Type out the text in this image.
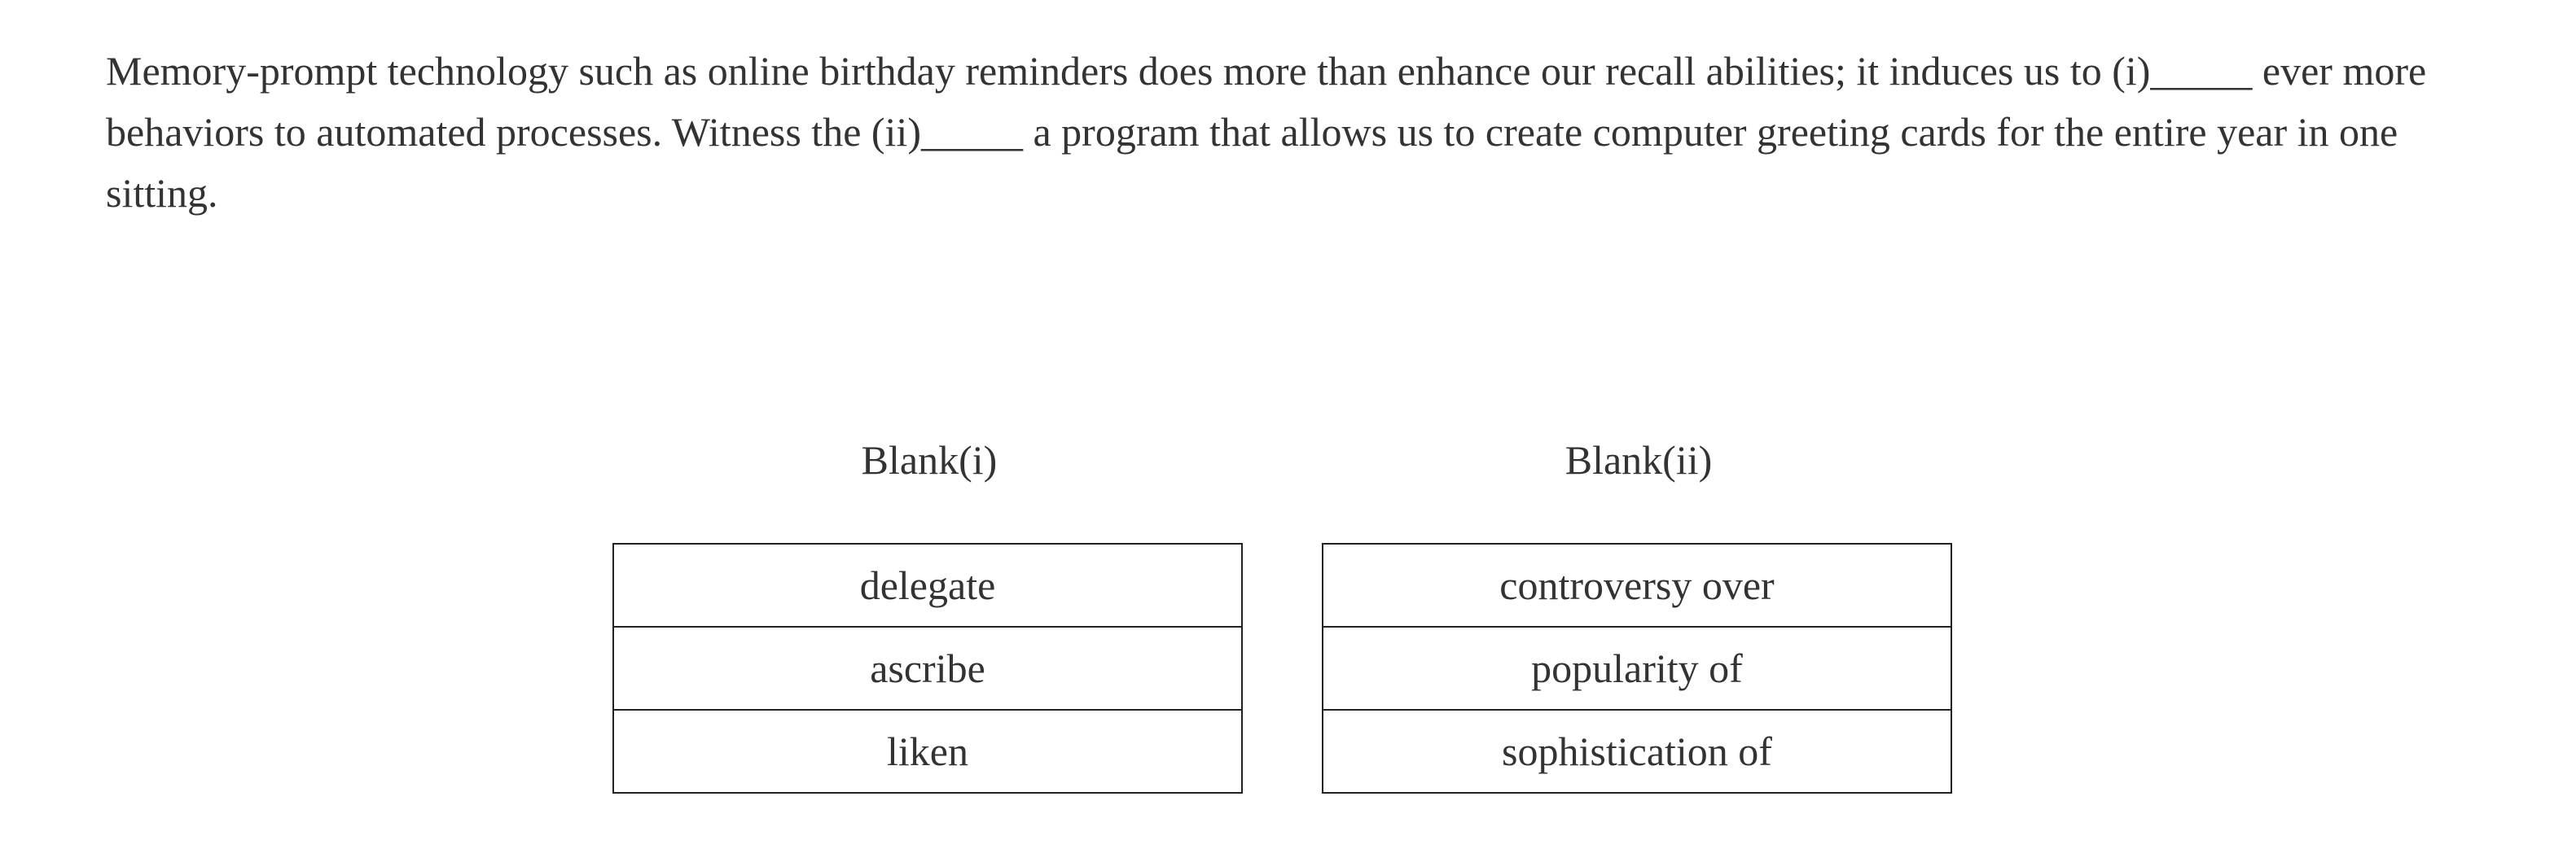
Memory-prompt technology such as online birthday reminders does more than enhance our recall abilities; it induces us to (i)_____ ever more behaviors to automated processes. Witness the (ii)_____ a program that allows us to create computer greeting cards for the entire year in one sitting.

Blank(i)	Blank(ii)
delegate
ascribe
liken
controversy over
popularity of
sophistication of
